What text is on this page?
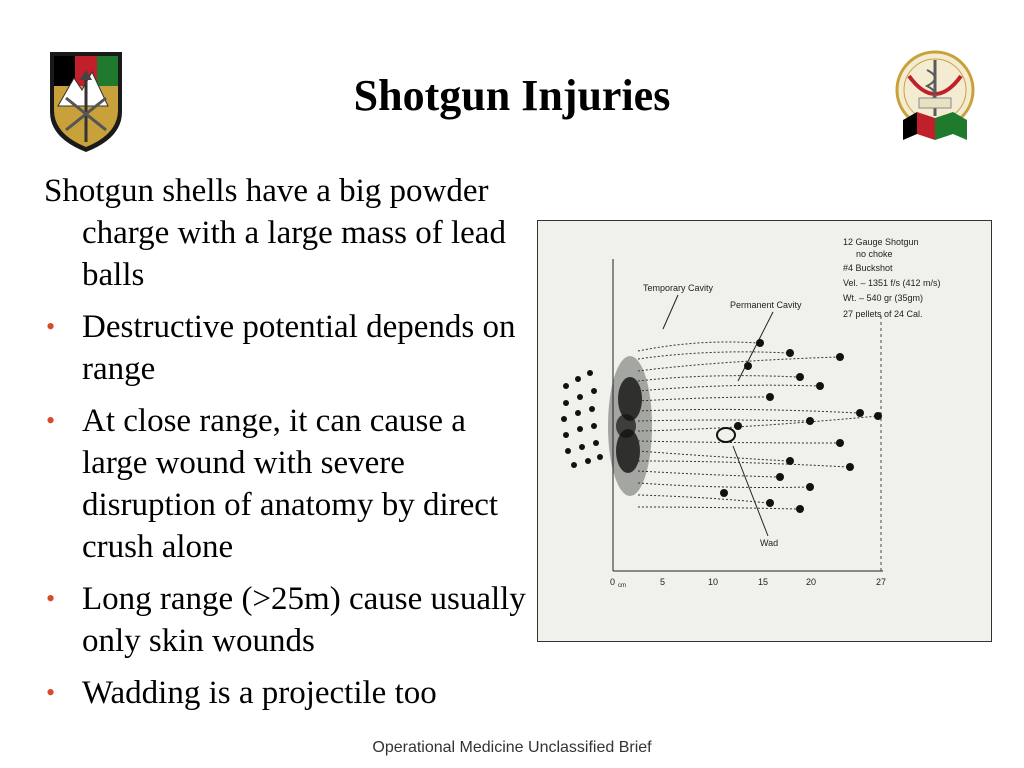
Shotgun Injuries

Shotgun shells have a big powder charge with a large mass of lead balls

• Destructive potential depends on range
• At close range, it can cause a large wound with severe disruption of anatomy by direct crush alone
• Long range (>25m) cause usually only skin wounds
• Wadding is a projectile too
12 Gauge Shotgun
no choke
#4 Buckshot
Vel. – 1351 f/s (412 m/s)
Wt. – 540 gr (35gm)
27 pellets of 24 Cal.
Temporary Cavity
Permanent Cavity
Wad
0 cm	5	10	15	20	27
Operational Medicine Unclassified Brief
